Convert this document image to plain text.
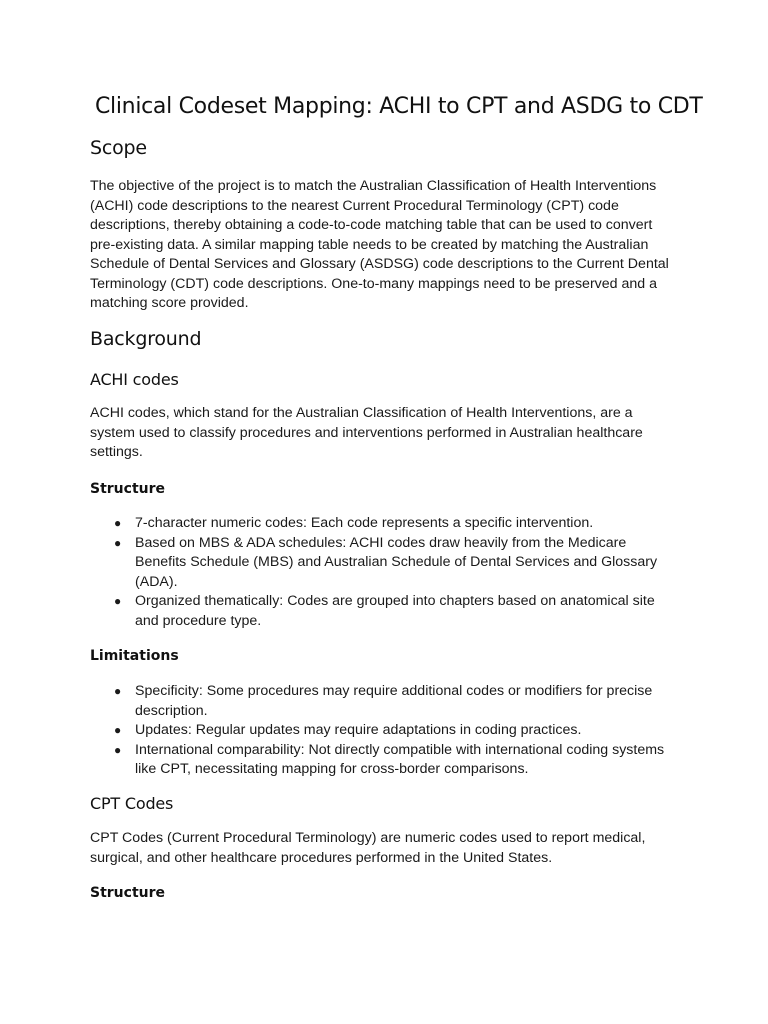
Clinical Codeset Mapping: ACHI to CPT and ASDG to CDT
Scope

The objective of the project is to match the Australian Classification of Health Interventions (ACHI) code descriptions to the nearest Current Procedural Terminology (CPT) code descriptions, thereby obtaining a code-to-code matching table that can be used to convert pre-existing data. A similar mapping table needs to be created by matching the Australian Schedule of Dental Services and Glossary (ASDSG) code descriptions to the Current Dental Terminology (CDT) code descriptions. One-to-many mappings need to be preserved and a matching score provided.

Background
ACHI codes

ACHI codes, which stand for the Australian Classification of Health Interventions, are a system used to classify procedures and interventions performed in Australian healthcare settings.

Structure
● 7-character numeric codes: Each code represents a specific intervention.
● Based on MBS & ADA schedules: ACHI codes draw heavily from the Medicare Benefits Schedule (MBS) and Australian Schedule of Dental Services and Glossary (ADA).
● Organized thematically: Codes are grouped into chapters based on anatomical site and procedure type.
Limitations
● Specificity: Some procedures may require additional codes or modifiers for precise description.
● Updates: Regular updates may require adaptations in coding practices.
● International comparability: Not directly compatible with international coding systems like CPT, necessitating mapping for cross-border comparisons.
CPT Codes

CPT Codes (Current Procedural Terminology) are numeric codes used to report medical, surgical, and other healthcare procedures performed in the United States.

Structure
